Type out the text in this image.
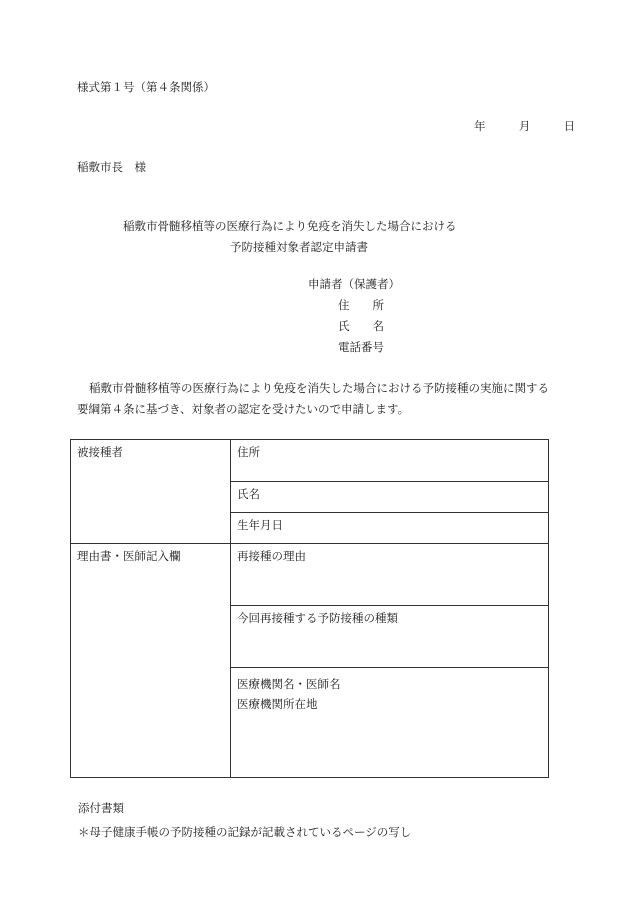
様式第１号（第４条関係）
年	月	日
稲敷市長　様
稲敷市骨髄移植等の医療行為により免疫を消失した場合における
予防接種対象者認定申請書
申請者（保護者）
住　　所
氏　　名
電話番号
稲敷市骨髄移植等の医療行為により免疫を消失した場合における予防接種の実施に関する要綱第４条に基づき、対象者の認定を受けたいので申請します。
被接種者	住所
	氏名
	生年月日
理由書・医師記入欄	再接種の理由
	今回再接種する予防接種の種類

	医療機関名・医師名
医療機関所在地
添付書類
＊母子健康手帳の予防接種の記録が記載されているページの写し
